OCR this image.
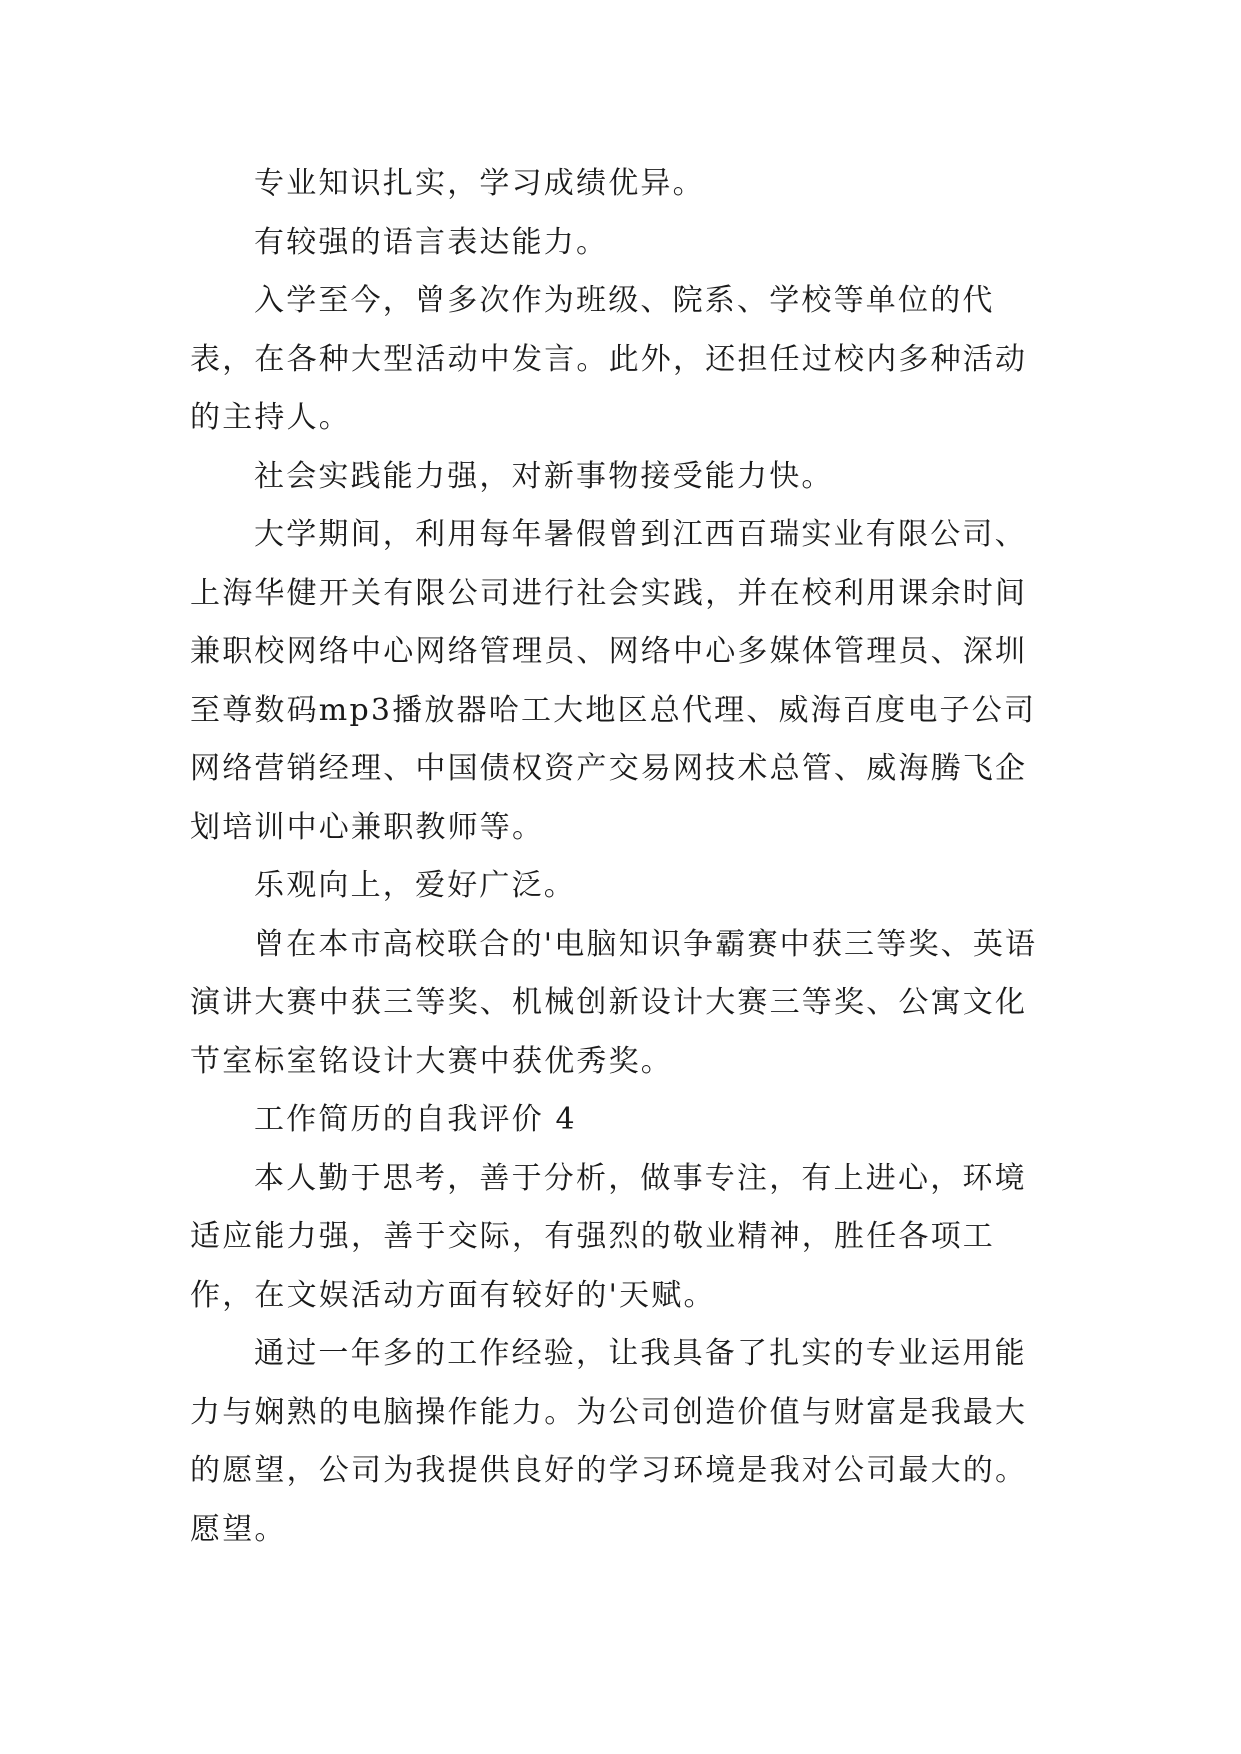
专业知识扎实，学习成绩优异。

有较强的语言表达能力。

入学至今，曾多次作为班级、院系、学校等单位的代表，在各种大型活动中发言。此外，还担任过校内多种活动的主持人。

社会实践能力强，对新事物接受能力快。

大学期间，利用每年暑假曾到江西百瑞实业有限公司、上海华健开关有限公司进行社会实践，并在校利用课余时间兼职校网络中心网络管理员、网络中心多媒体管理员、深圳至尊数码mp3播放器哈工大地区总代理、威海百度电子公司网络营销经理、中国债权资产交易网技术总管、威海腾飞企划培训中心兼职教师等。

乐观向上，爱好广泛。

曾在本市高校联合的'电脑知识争霸赛中获三等奖、英语演讲大赛中获三等奖、机械创新设计大赛三等奖、公寓文化节室标室铭设计大赛中获优秀奖。

工作简历的自我评价 4

本人勤于思考，善于分析，做事专注，有上进心，环境适应能力强，善于交际，有强烈的敬业精神，胜任各项工作，在文娱活动方面有较好的'天赋。

通过一年多的工作经验，让我具备了扎实的专业运用能力与娴熟的电脑操作能力。为公司创造价值与财富是我最大的愿望，公司为我提供良好的学习环境是我对公司最大的。愿望。
